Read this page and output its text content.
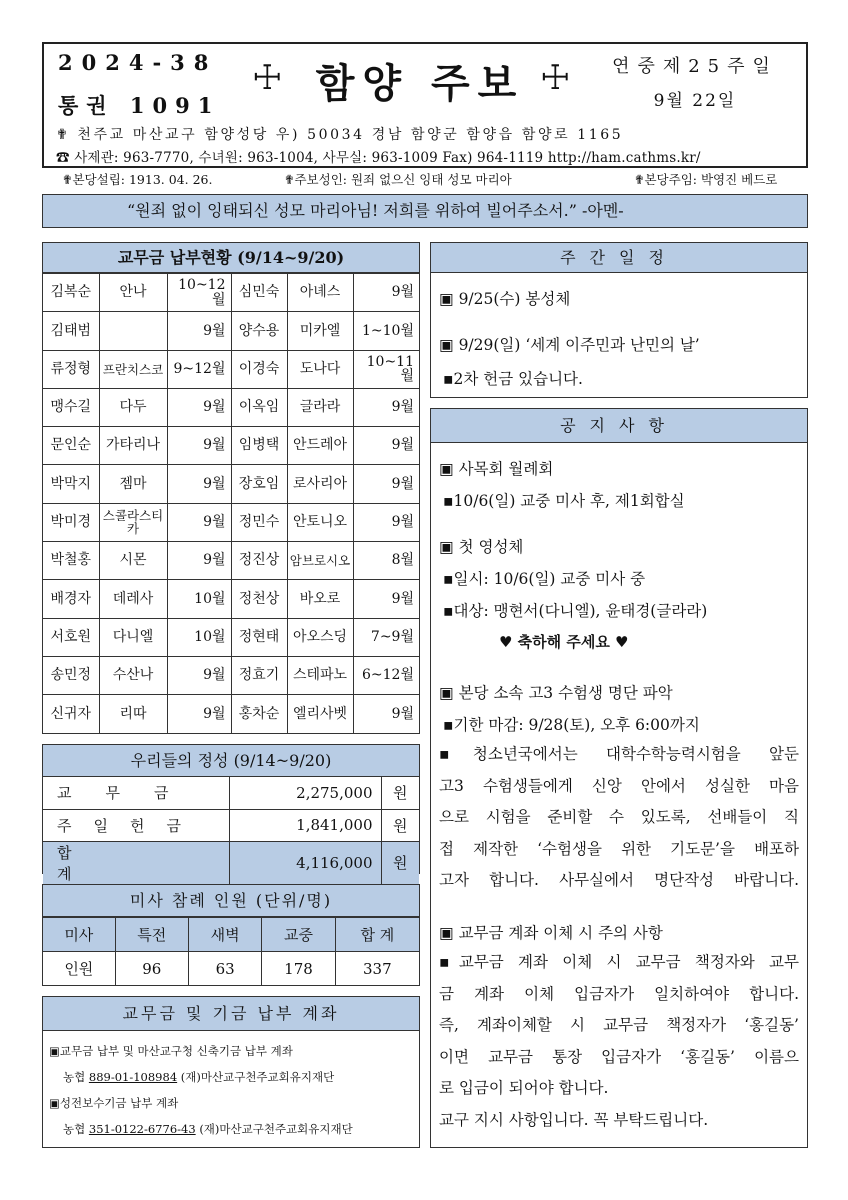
2024-38
통권 1091
☩ 함양 주보 ☩	연중제25주일
9월 22일
✟ 천주교 마산교구 함양성당 우) 50034 경남 함양군 함양읍 함양로 1165
☎ 사제관: 963-7770, 수녀원: 963-1004, 사무실: 963-1009 Fax) 964-1119 http://ham.cathms.kr/
✟본당설립: 1913. 04. 26.	✟주보성인: 원죄 없으신 잉태 성모 마리아	✟본당주임: 박영진 베드로
“원죄 없이 잉태되신 성모 마리아님! 저희를 위하여 빌어주소서.” -아멘-
교무금 납부현황 (9/14~9/20)
김복순	안나	10~12월	심민숙	아녜스	9월
김태범		9월	양수용	미카엘	1~10월
류정형	프란치스코	9~12월	이경숙	도나다	10~11월
맹수길	다두	9월	이옥임	글라라	9월
문인순	가타리나	9월	임병택	안드레아	9월
박막지	젬마	9월	장호임	로사리아	9월
박미경	스콜라스티카	9월	정민수	안토니오	9월
박철홍	시몬	9월	정진상	암브로시오	8월
배경자	데레사	10월	정천상	바오로	9월
서호원	다니엘	10월	정현태	아오스딩	7~9월
송민정	수산나	9월	정효기	스테파노	6~12월
신귀자	리따	9월	홍차순	엘리사벳	9월
우리들의 정성 (9/14~9/20)
교무금	2,275,000	원
주일헌금	1,841,000	원
합계	4,116,000	원
미사 참례 인원 (단위/명)
미사	특전	새벽	교중	합 계
인원	96	63	178	337
교무금 및 기금 납부 계좌
▣교무금 납부 및 마산교구청 신축기금 납부 계좌
농협 889-01-108984 (재)마산교구천주교회유지재단
▣성전보수기금 납부 계좌
농협 351-0122-6776-43 (재)마산교구천주교회유지재단
주간일정
▣ 9/25(수) 봉성체
▣ 9/29(일) ‘세계 이주민과 난민의 날’
▪2차 헌금 있습니다.
공지사항
▣ 사목회 월례회
▪10/6(일) 교중 미사 후, 제1회합실
▣ 첫 영성체
▪일시: 10/6(일) 교중 미사 중
▪대상: 맹현서(다니엘), 윤태경(글라라)
♥ 축하해 주세요 ♥
▣ 본당 소속 고3 수험생 명단 파악
▪기한 마감: 9/28(토), 오후 6:00까지
▪청소년국에서는 대학수학능력시험을 앞둔
고3 수험생들에게 신앙 안에서 성실한 마음
으로 시험을 준비할 수 있도록, 선배들이 직
접 제작한 ‘수험생을 위한 기도문’을 배포하
고자 합니다. 사무실에서 명단작성 바랍니다.
▣ 교무금 계좌 이체 시 주의 사항
▪교무금 계좌 이체 시 교무금 책정자와 교무
금 계좌 이체 입금자가 일치하여야 합니다.
즉, 계좌이체할 시 교무금 책정자가 ‘홍길동’
이면 교무금 통장 입금자가 ‘홍길동’ 이름으
로 입금이 되어야 합니다.
교구 지시 사항입니다. 꼭 부탁드립니다.
